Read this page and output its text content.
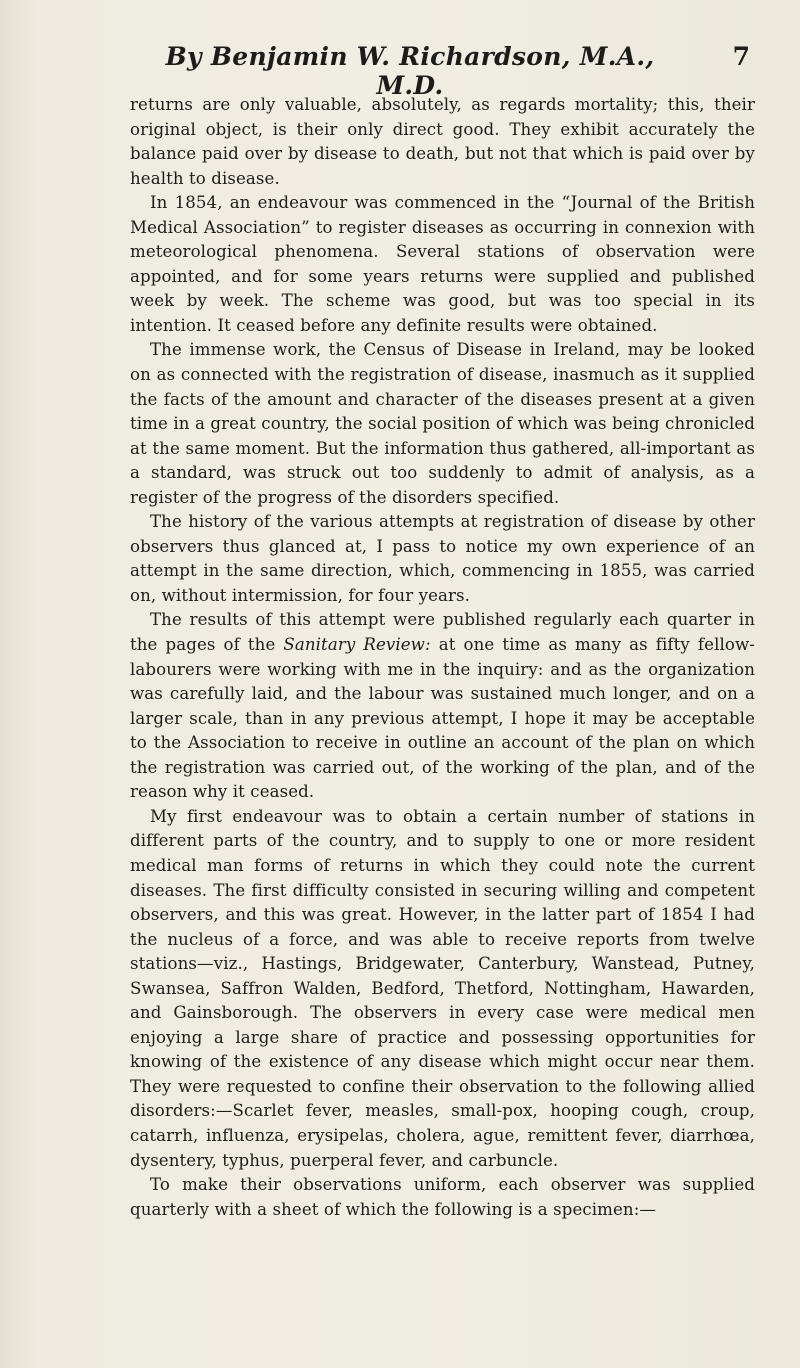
By Benjamin W. Richardson, M.A., M.D.
7

returns are only valuable, absolutely, as regards mortality; this, their original object, is their only direct good. They exhibit accurately the balance paid over by disease to death, but not that which is paid over by health to disease.

In 1854, an endeavour was commenced in the “Journal of the British Medical Association” to register diseases as occurring in connexion with meteorological phenomena. Several stations of observation were appointed, and for some years returns were supplied and published week by week. The scheme was good, but was too special in its intention. It ceased before any definite results were obtained.

The immense work, the Census of Disease in Ireland, may be looked on as connected with the registration of disease, inasmuch as it supplied the facts of the amount and character of the diseases present at a given time in a great country, the social position of which was being chronicled at the same moment. But the information thus gathered, all-important as a standard, was struck out too suddenly to admit of analysis, as a register of the progress of the disorders specified.

The history of the various attempts at registration of disease by other observers thus glanced at, I pass to notice my own experience of an attempt in the same direction, which, commencing in 1855, was carried on, without intermission, for four years.

The results of this attempt were published regularly each quarter in the pages of the Sanitary Review: at one time as many as fifty fellow-labourers were working with me in the inquiry: and as the organization was carefully laid, and the labour was sustained much longer, and on a larger scale, than in any previous attempt, I hope it may be acceptable to the Association to receive in outline an account of the plan on which the registration was carried out, of the working of the plan, and of the reason why it ceased.

My first endeavour was to obtain a certain number of stations in different parts of the country, and to supply to one or more resident medical man forms of returns in which they could note the current diseases. The first difficulty consisted in securing willing and competent observers, and this was great. However, in the latter part of 1854 I had the nucleus of a force, and was able to receive reports from twelve stations—viz., Hastings, Bridgewater, Canterbury, Wanstead, Putney, Swansea, Saffron Walden, Bedford, Thetford, Nottingham, Hawarden, and Gainsborough. The observers in every case were medical men enjoying a large share of practice and possessing opportunities for knowing of the existence of any disease which might occur near them. They were requested to confine their observation to the following allied disorders:—Scarlet fever, measles, small-pox, hooping cough, croup, catarrh, influenza, erysipelas, cholera, ague, remittent fever, diarrhœa, dysentery, typhus, puerperal fever, and carbuncle.

To make their observations uniform, each observer was supplied quarterly with a sheet of which the following is a specimen:—
